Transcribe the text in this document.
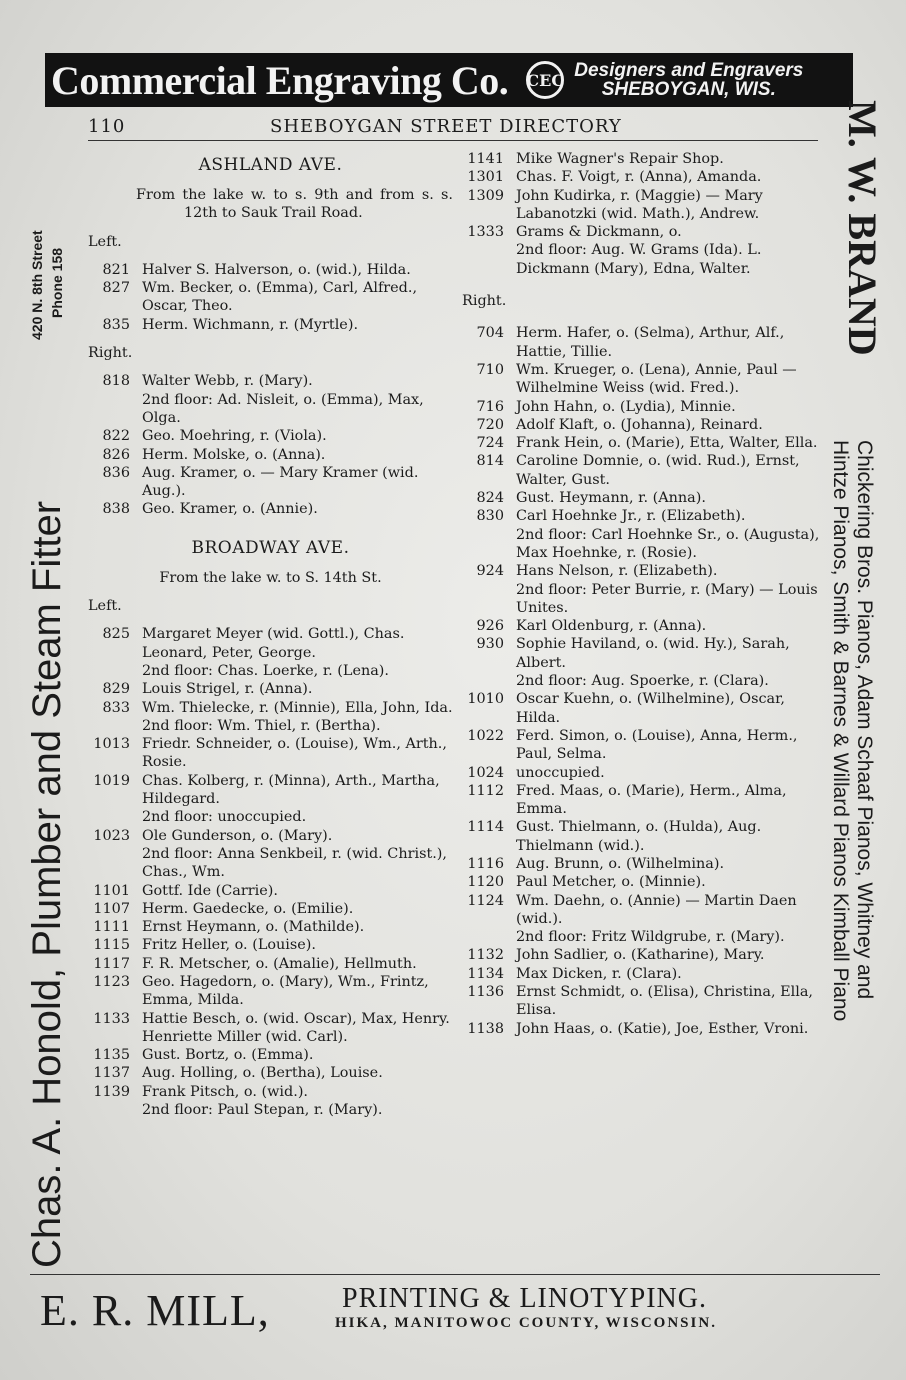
Commercial Engraving Co. CEC Designers and Engravers
SHEBOYGAN, WIS.
420 N. 8th Street Phone 158
Chas. A. Honold, Plumber and Steam Fitter
M. W. BRAND
Chickering Bros. Pianos, Adam Schaaf Pianos, Whitney and
Hintze Pianos, Smith & Barnes & Willard Pianos Kimball Piano
110	SHEBOYGAN STREET DIRECTORY
ASHLAND AVE.
From the lake w. to s. 9th and from s. s. 12th to Sauk Trail Road.
Left.
821 Halver S. Halverson, o. (wid.), Hilda.
827 Wm. Becker, o. (Emma), Carl, Alfred., Oscar, Theo.
835 Herm. Wichmann, r. (Myrtle).
Right.
818 Walter Webb, r. (Mary).
2nd floor: Ad. Nisleit, o. (Emma), Max, Olga.
822 Geo. Moehring, r. (Viola).
826 Herm. Molske, o. (Anna).
836 Aug. Kramer, o. — Mary Kramer (wid. Aug.).
838 Geo. Kramer, o. (Annie).
BROADWAY AVE.
From the lake w. to S. 14th St.
Left.
825 Margaret Meyer (wid. Gottl.), Chas. Leonard, Peter, George.
2nd floor: Chas. Loerke, r. (Lena).
829 Louis Strigel, r. (Anna).
833 Wm. Thielecke, r. (Minnie), Ella, John, Ida.
2nd floor: Wm. Thiel, r. (Bertha).
1013 Friedr. Schneider, o. (Louise), Wm., Arth., Rosie.
1019 Chas. Kolberg, r. (Minna), Arth., Martha, Hildegard.
2nd floor: unoccupied.
1023 Ole Gunderson, o. (Mary).
2nd floor: Anna Senkbeil, r. (wid. Christ.), Chas., Wm.
1101 Gottf. Ide (Carrie).
1107 Herm. Gaedecke, o. (Emilie).
1111 Ernst Heymann, o. (Mathilde).
1115 Fritz Heller, o. (Louise).
1117 F. R. Metscher, o. (Amalie), Hellmuth.
1123 Geo. Hagedorn, o. (Mary), Wm., Frintz, Emma, Milda.
1133 Hattie Besch, o. (wid. Oscar), Max, Henry.
Henriette Miller (wid. Carl).
1135 Gust. Bortz, o. (Emma).
1137 Aug. Holling, o. (Bertha), Louise.
1139 Frank Pitsch, o. (wid.).
2nd floor: Paul Stepan, r. (Mary).
1141 Mike Wagner's Repair Shop.
1301 Chas. F. Voigt, r. (Anna), Amanda.
1309 John Kudirka, r. (Maggie) — Mary Labanotzki (wid. Math.), Andrew.
1333 Grams & Dickmann, o.
2nd floor: Aug. W. Grams (Ida). L. Dickmann (Mary), Edna, Walter.
Right.
704 Herm. Hafer, o. (Selma), Arthur, Alf., Hattie, Tillie.
710 Wm. Krueger, o. (Lena), Annie, Paul — Wilhelmine Weiss (wid. Fred.).
716 John Hahn, o. (Lydia), Minnie.
720 Adolf Klaft, o. (Johanna), Reinard.
724 Frank Hein, o. (Marie), Etta, Walter, Ella.
814 Caroline Domnie, o. (wid. Rud.), Ernst, Walter, Gust.
824 Gust. Heymann, r. (Anna).
830 Carl Hoehnke Jr., r. (Elizabeth).
2nd floor: Carl Hoehnke Sr., o. (Augusta), Max Hoehnke, r. (Rosie).
924 Hans Nelson, r. (Elizabeth).
2nd floor: Peter Burrie, r. (Mary) — Louis Unites.
926 Karl Oldenburg, r. (Anna).
930 Sophie Haviland, o. (wid. Hy.), Sarah, Albert.
2nd floor: Aug. Spoerke, r. (Clara).
1010 Oscar Kuehn, o. (Wilhelmine), Oscar, Hilda.
1022 Ferd. Simon, o. (Louise), Anna, Herm., Paul, Selma.
1024 unoccupied.
1112 Fred. Maas, o. (Marie), Herm., Alma, Emma.
1114 Gust. Thielmann, o. (Hulda), Aug. Thielmann (wid.).
1116 Aug. Brunn, o. (Wilhelmina).
1120 Paul Metcher, o. (Minnie).
1124 Wm. Daehn, o. (Annie) — Martin Daen (wid.).
2nd floor: Fritz Wildgrube, r. (Mary).
1132 John Sadlier, o. (Katharine), Mary.
1134 Max Dicken, r. (Clara).
1136 Ernst Schmidt, o. (Elisa), Christina, Ella, Elisa.
1138 John Haas, o. (Katie), Joe, Esther, Vroni.
E. R. MILL,	PRINTING & LINOTYPING.
HIKA, MANITOWOC COUNTY, WISCONSIN.
